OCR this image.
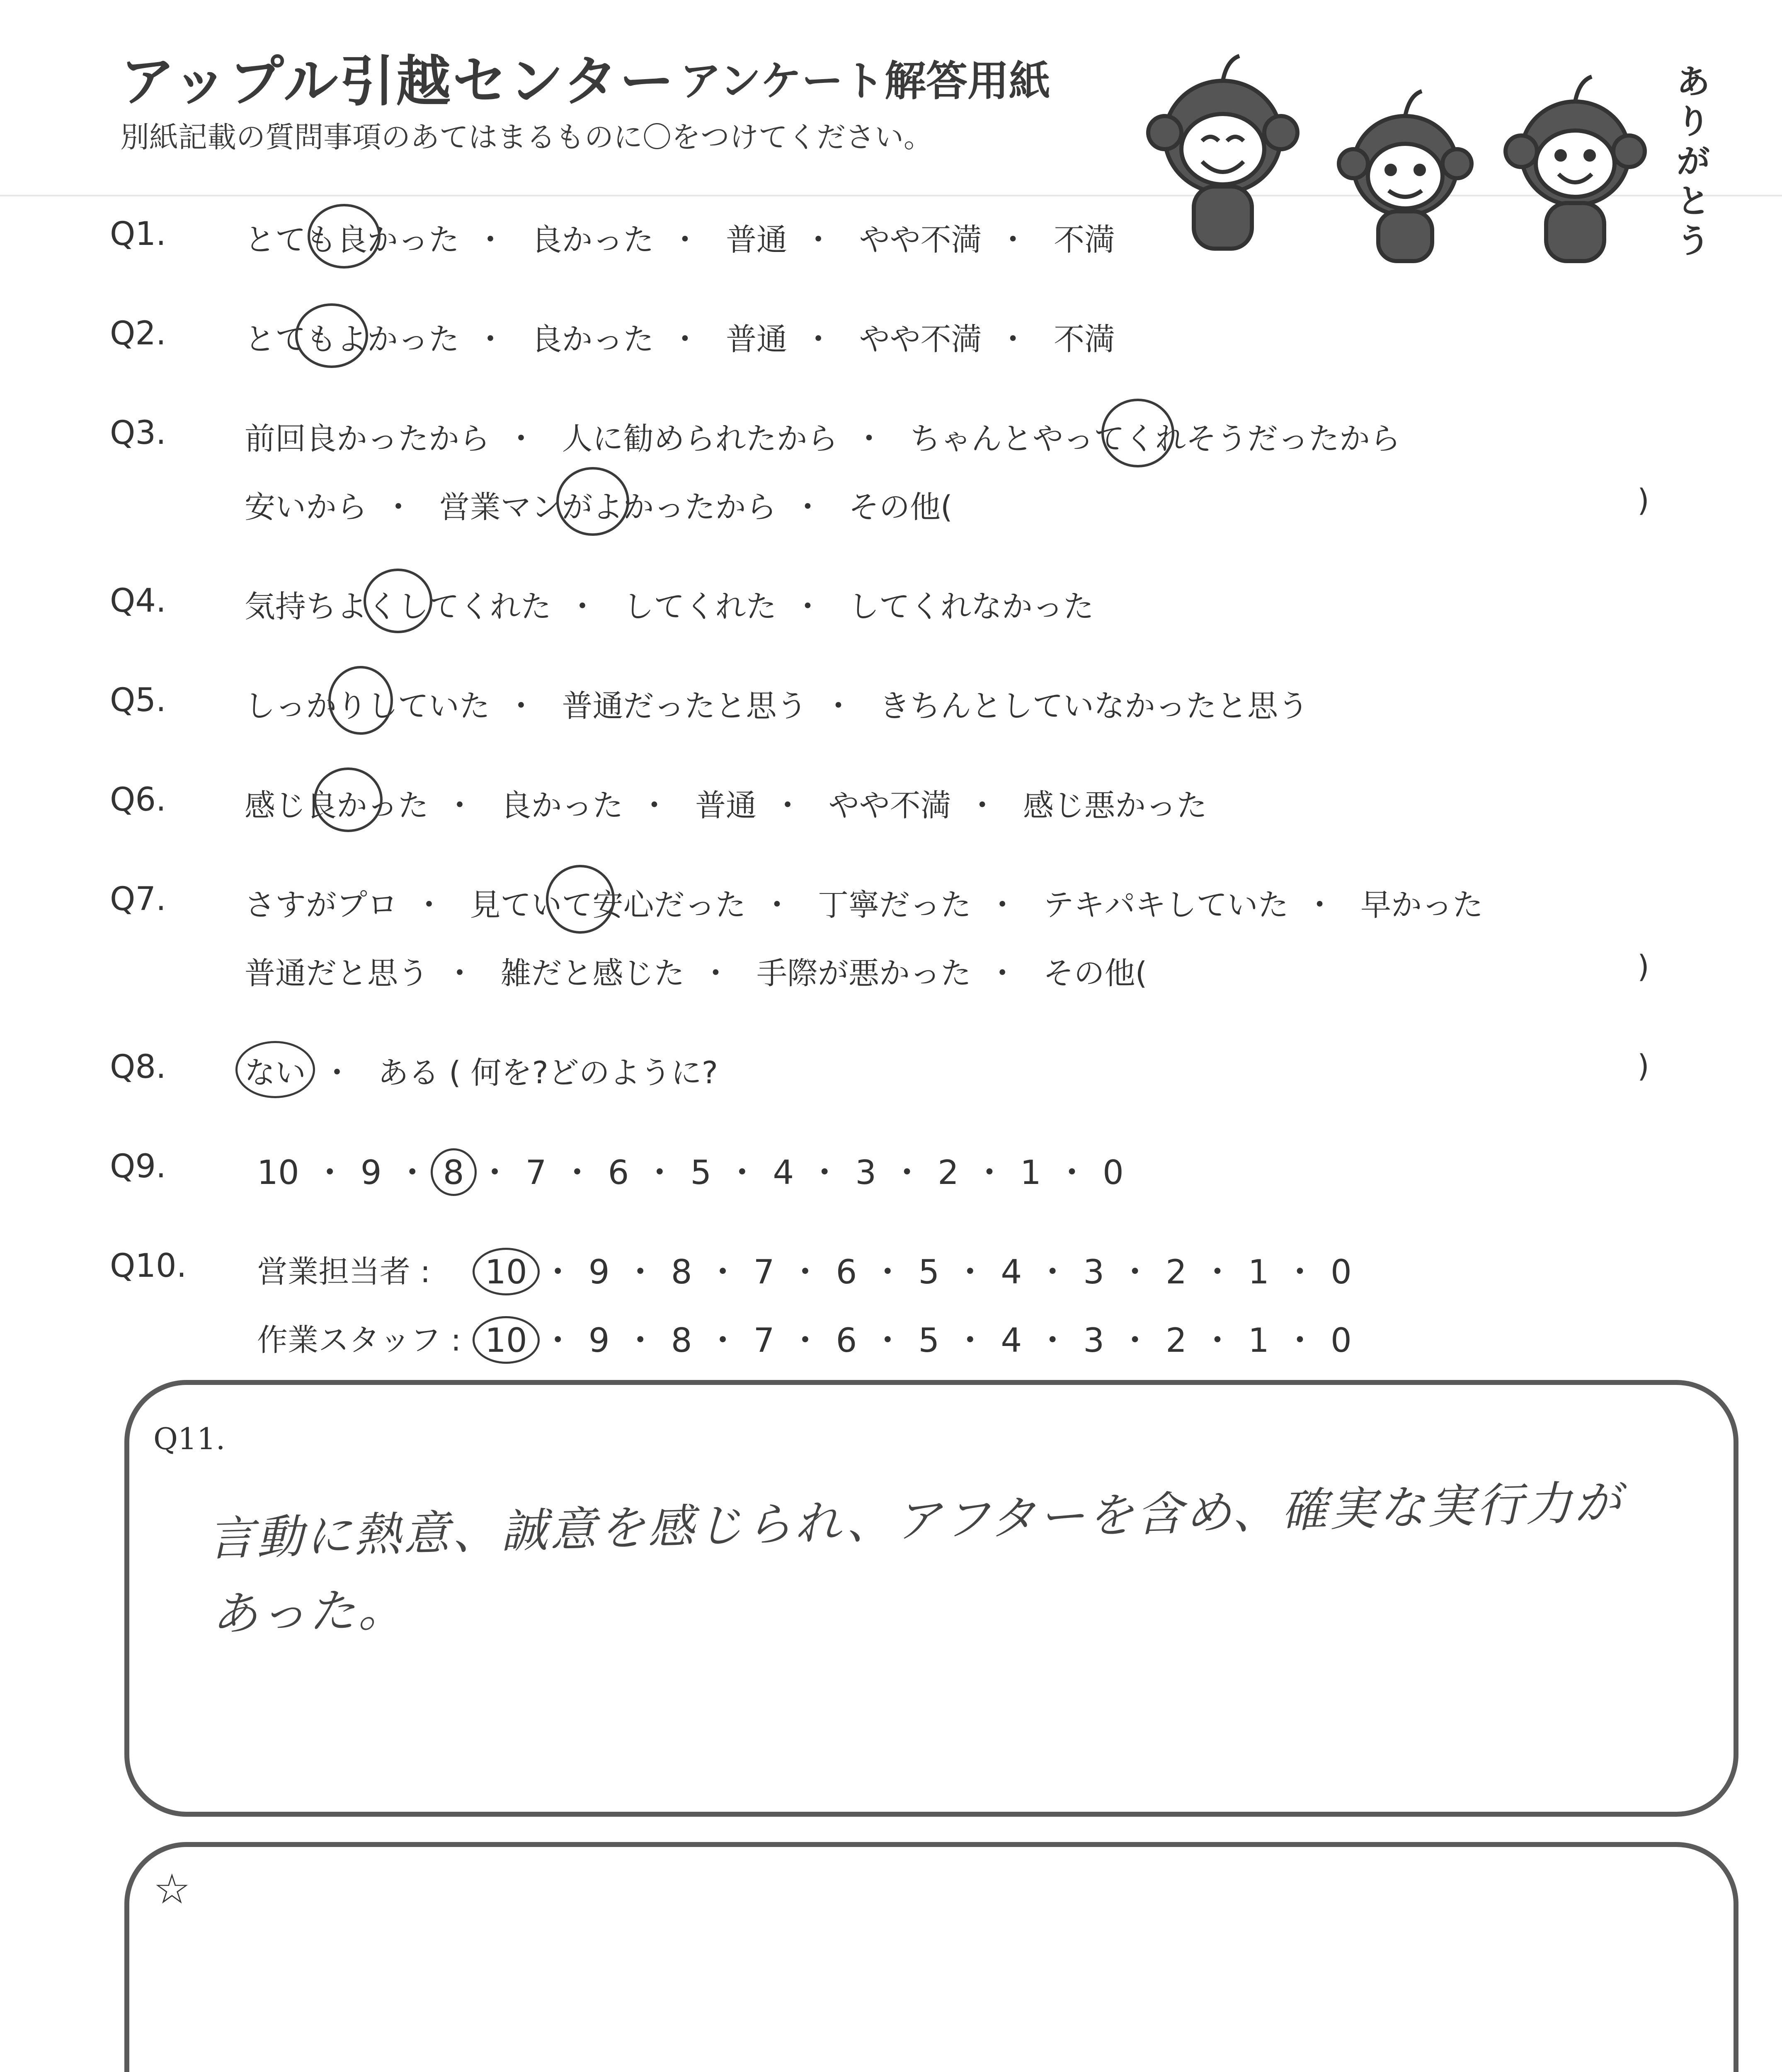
アップル引越センター アンケート解答用紙
別紙記載の質問事項のあてはまるものに〇をつけてください。
あ
り
が
と
う
Q1.	とても良かった ・ 良かった ・ 普通 ・ やや不満 ・ 不満
Q2.	とてもよかった ・ 良かった ・ 普通 ・ やや不満 ・ 不満
Q3.	前回良かったから ・ 人に勧められたから ・ ちゃんとやってくれそうだったから
安いから ・ 営業マンがよかったから ・ その他(	)
Q4.	気持ちよくしてくれた ・ してくれた ・ してくれなかった
Q5.	しっかりしていた ・ 普通だったと思う ・ きちんとしていなかったと思う
Q6.	感じ良かった ・ 良かった ・ 普通 ・ やや不満 ・ 感じ悪かった
Q7.	さすがプロ ・ 見ていて安心だった ・ 丁寧だった ・ テキパキしていた ・ 早かった
普通だと思う ・ 雑だと感じた ・ 手際が悪かった ・ その他(	)
Q8.	ない ・ ある ( 何を?どのように?	)
Q9.	10 ・ 9 ・ 8 ・ 7 ・ 6 ・ 5 ・ 4 ・ 3 ・ 2 ・ 1 ・ 0
Q10. 営業担当者 : 10 ・ 9 ・ 8 ・ 7 ・ 6 ・ 5 ・ 4 ・ 3 ・ 2 ・ 1 ・ 0
作業スタッフ : 10 ・ 9 ・ 8 ・ 7 ・ 6 ・ 5 ・ 4 ・ 3 ・ 2 ・ 1 ・ 0
Q11.
言動に熱意、誠意を感じられ、アフターを含め、確実な実行力が
あった。
☆
